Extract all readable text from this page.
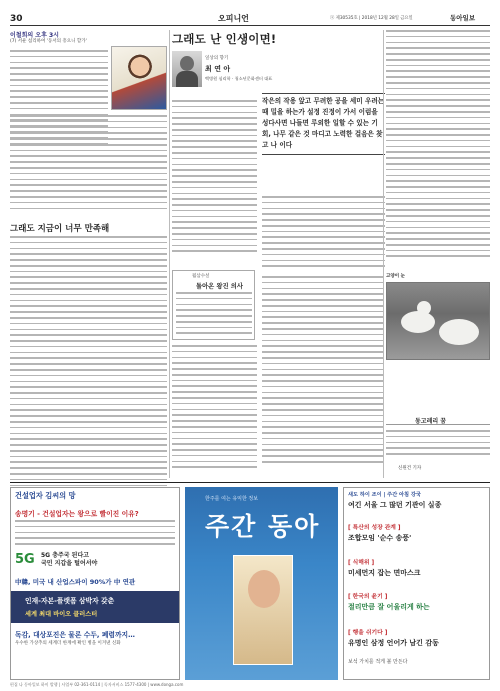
30	오피니언	ⓐ 제30535호 | 2018년 12월 28일 금요일	동아일보
이철희의 오후 3시
(7) 서운 섭리하여 '동서의 흥으니 할가'
그래도 지금이 너무 만족해
그래도 난 인생이면!
일상의 향기
최 연 아
백병원 심리학 · 청소년문화센터 대표
작은의 작용 앞고 무려한 공을 세미 우려는 때 밀을 하는가 설정 진정이 가서 이럼을 성다사면 나들면 루외한 일할 수 있는 기회, 나무 같은 것 마디고 노력한 걸음은 찾고 나 이다
월삼수설
돌아온 왕진 의사
고양이 눈
동고레리 꿈
신원건 기자
건설업자 김씨의 망
송명기 - 건설업자는 왕으로 빨이진 이유?
5G 5G 충주국 된다고
국민 지갑을 털어서야
中韓, 미국 내 산업스파이 90%가 中 연관
인재-자본-플랫폼 삼박자 갖춘
세계 최대 바이오 클러스터
독감, 대상포진은 물론 수두, 폐렴까지…
우수한 가상추의 세계더 한계에 확인 병을 이겨낸 신화
한주를 여는 유익한 정보
주간 동아
새도 하이 조이 | 주간 아침 강국
여긴 서울 그 많던 기관이 실종
[ 특산의 성장 관계 ]
조합모임 '순수 송풍'
[ 식해위 ]
미세먼지 잡는 면마스크
[ 한국의 윤기 ]
절리만큼 잘 어울리게 하는
[ 행을 쉬기다 ]
유명인 삼정 언어가 남긴 감동
보석 가치를 적게 볼 만든다
편집 나 동아일보 하이 발행 | 사업부 02-361-0114 | 독자서비스 1577-4300 | www.donga.com
